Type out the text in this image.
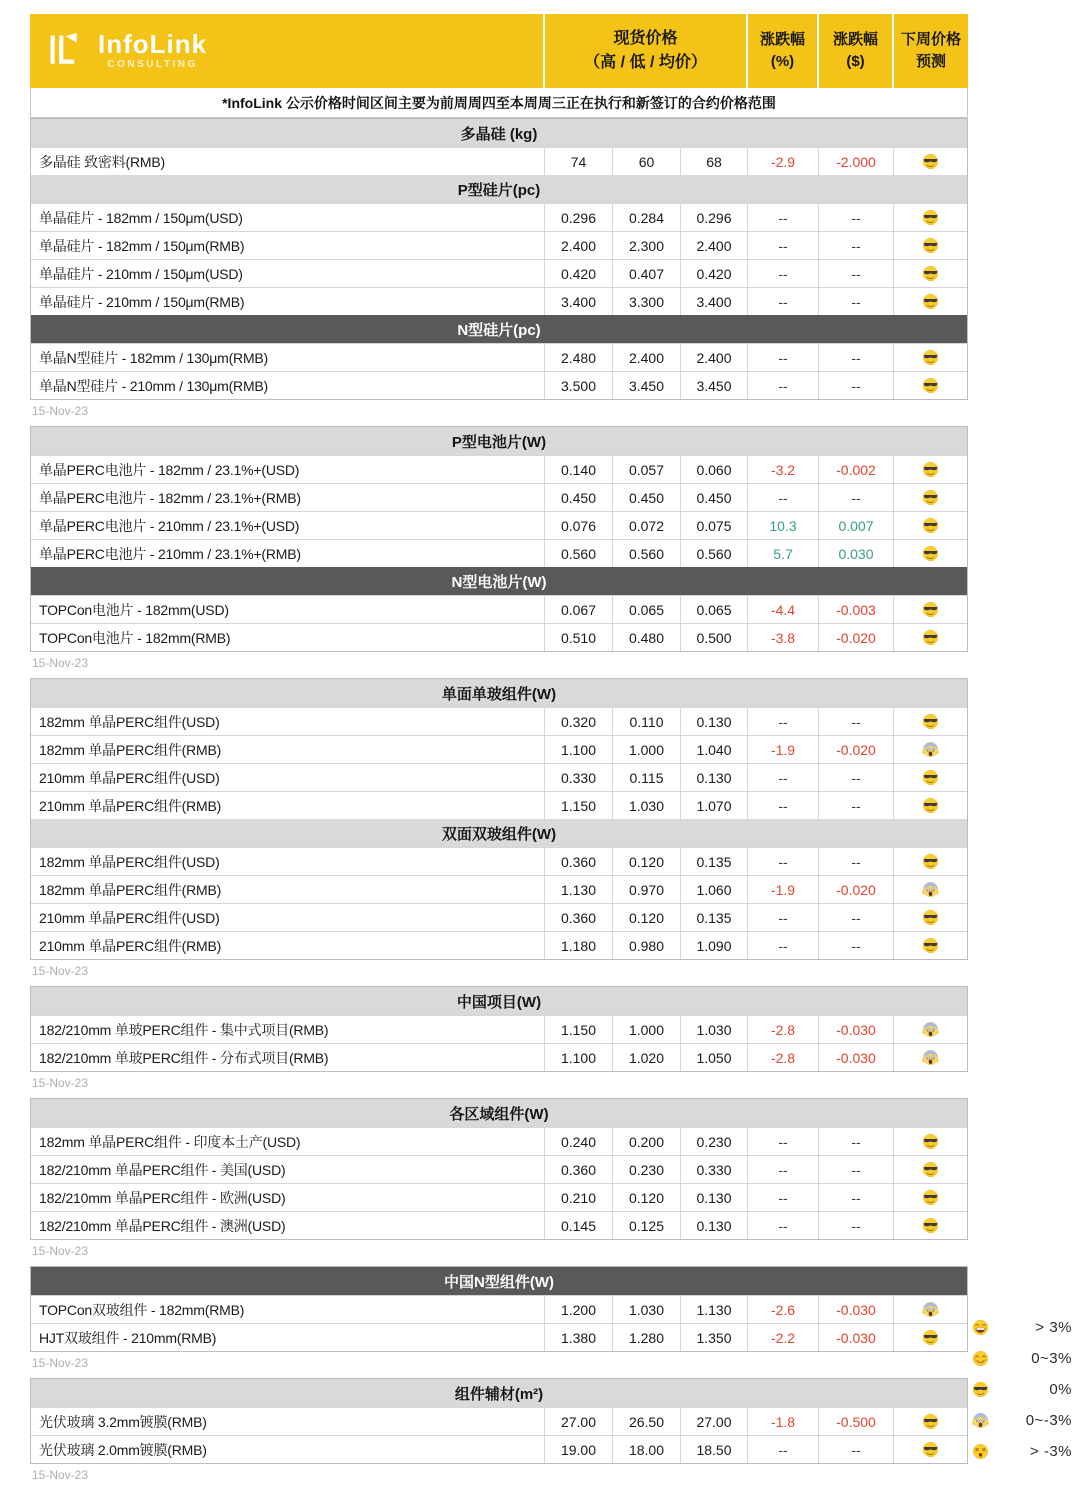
InfoLink
CONSULTING
现货价格
（高 / 低 / 均价）
涨跌幅
(%)
涨跌幅
($)
下周价格
预测
*InfoLink 公示价格时间区间主要为前周周四至本周周三正在执行和新签订的合约价格范围
多晶硅 (kg)
多晶硅 致密料(RMB)	74	60	68	-2.9	-2.000
P型硅片(pc)
单晶硅片 - 182mm / 150μm(USD)	0.296	0.284	0.296	--	--
单晶硅片 - 182mm / 150μm(RMB)	2.400	2.300	2.400	--	--
单晶硅片 - 210mm / 150μm(USD)	0.420	0.407	0.420	--	--
单晶硅片 - 210mm / 150μm(RMB)	3.400	3.300	3.400	--	--
N型硅片(pc)
单晶N型硅片 - 182mm / 130μm(RMB)	2.480	2.400	2.400	--	--
单晶N型硅片 - 210mm / 130μm(RMB)	3.500	3.450	3.450	--	--
15-Nov-23
P型电池片(W)
单晶PERC电池片 - 182mm / 23.1%+(USD)	0.140	0.057	0.060	-3.2	-0.002
单晶PERC电池片 - 182mm / 23.1%+(RMB)	0.450	0.450	0.450	--	--
单晶PERC电池片 - 210mm / 23.1%+(USD)	0.076	0.072	0.075	10.3	0.007
单晶PERC电池片 - 210mm / 23.1%+(RMB)	0.560	0.560	0.560	5.7	0.030
N型电池片(W)
TOPCon电池片 - 182mm(USD)	0.067	0.065	0.065	-4.4	-0.003
TOPCon电池片 - 182mm(RMB)	0.510	0.480	0.500	-3.8	-0.020
15-Nov-23
单面单玻组件(W)
182mm 单晶PERC组件(USD)	0.320	0.110	0.130	--	--
182mm 单晶PERC组件(RMB)	1.100	1.000	1.040	-1.9	-0.020
210mm 单晶PERC组件(USD)	0.330	0.115	0.130	--	--
210mm 单晶PERC组件(RMB)	1.150	1.030	1.070	--	--
双面双玻组件(W)
182mm 单晶PERC组件(USD)	0.360	0.120	0.135	--	--
182mm 单晶PERC组件(RMB)	1.130	0.970	1.060	-1.9	-0.020
210mm 单晶PERC组件(USD)	0.360	0.120	0.135	--	--
210mm 单晶PERC组件(RMB)	1.180	0.980	1.090	--	--
15-Nov-23
中国项目(W)
182/210mm 单玻PERC组件 - 集中式项目(RMB)	1.150	1.000	1.030	-2.8	-0.030
182/210mm 单玻PERC组件 - 分布式项目(RMB)	1.100	1.020	1.050	-2.8	-0.030
15-Nov-23
各区域组件(W)
182mm 单晶PERC组件 - 印度本土产(USD)	0.240	0.200	0.230	--	--
182/210mm 单晶PERC组件 - 美国(USD)	0.360	0.230	0.330	--	--
182/210mm 单晶PERC组件 - 欧洲(USD)	0.210	0.120	0.130	--	--
182/210mm 单晶PERC组件 - 澳洲(USD)	0.145	0.125	0.130	--	--
15-Nov-23
中国N型组件(W)
TOPCon双玻组件 - 182mm(RMB)	1.200	1.030	1.130	-2.6	-0.030
HJT双玻组件 - 210mm(RMB)	1.380	1.280	1.350	-2.2	-0.030
15-Nov-23
组件辅材(m²)
光伏玻璃 3.2mm镀膜(RMB)	27.00	26.50	27.00	-1.8	-0.500
光伏玻璃 2.0mm镀膜(RMB)	19.00	18.00	18.50	--	--
15-Nov-23
> 3%
0~3%
0%
0~-3%
> -3%
